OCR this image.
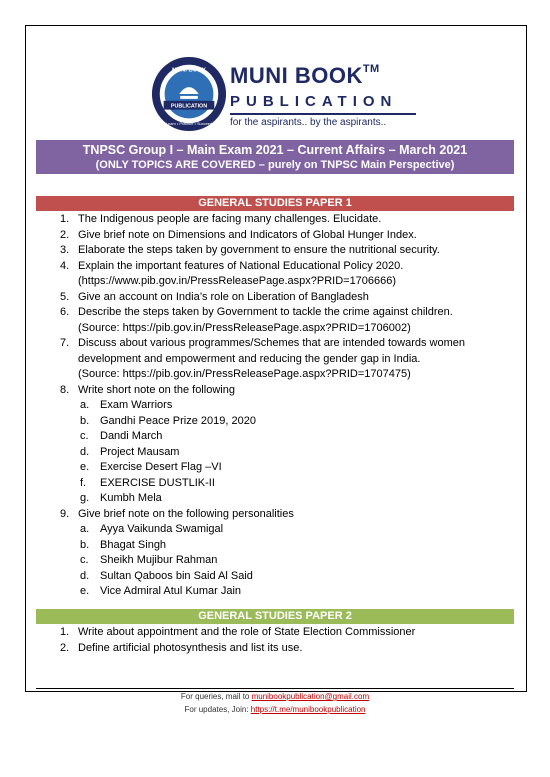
PUBLICATION
MUNI BOOK
Learn • Practice • Succeed
MUNI BOOK™
PUBLICATION
for the aspirants.. by the aspirants..
TNPSC Group I – Main Exam 2021 – Current Affairs – March 2021
(ONLY TOPICS ARE COVERED – purely on TNPSC Main Perspective)
GENERAL STUDIES PAPER 1
1. The Indigenous people are facing many challenges. Elucidate.
2. Give brief note on Dimensions and Indicators of Global Hunger Index.
3. Elaborate the steps taken by government to ensure the nutritional security.
4. Explain the important features of National Educational Policy 2020.
(https://www.pib.gov.in/PressReleasePage.aspx?PRID=1706666)
5. Give an account on India’s role on Liberation of Bangladesh
6. Describe the steps taken by Government to tackle the crime against children.
(Source: https://pib.gov.in/PressReleasePage.aspx?PRID=1706002)
7. Discuss about various programmes/Schemes that are intended towards women
development and empowerment and reducing the gender gap in India.
(Source: https://pib.gov.in/PressReleasePage.aspx?PRID=1707475)
8. Write short note on the following
a. Exam Warriors
b. Gandhi Peace Prize 2019, 2020
c. Dandi March
d. Project Mausam
e. Exercise Desert Flag –VI
f. EXERCISE DUSTLIK-II
g. Kumbh Mela
9. Give brief note on the following personalities
a. Ayya Vaikunda Swamigal
b. Bhagat Singh
c. Sheikh Mujibur Rahman
d. Sultan Qaboos bin Said Al Said
e. Vice Admiral Atul Kumar Jain
GENERAL STUDIES PAPER 2
1. Write about appointment and the role of State Election Commissioner
2. Define artificial photosynthesis and list its use.
For queries, mail to munibookpublication@gmail.com
For updates, Join: https://t.me/munibookpublication
